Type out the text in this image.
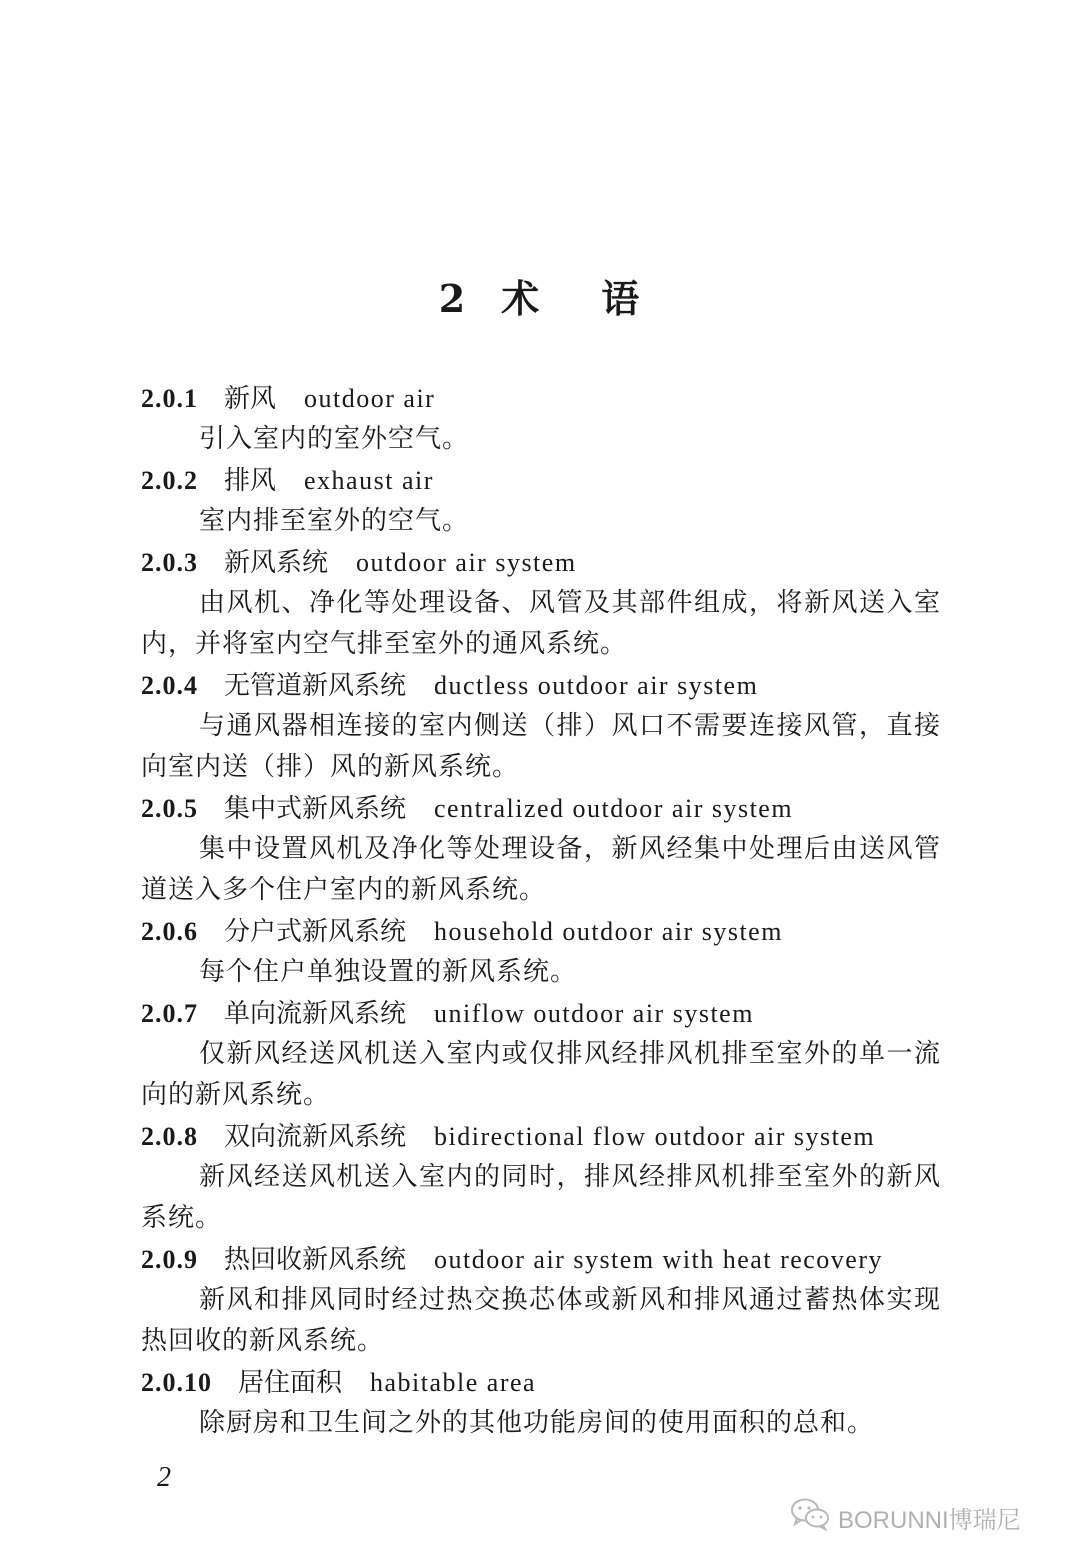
2 术 语
2.0.1 新风 outdoor air
引入室内的室外空气。
2.0.2 排风 exhaust air
室内排至室外的空气。
2.0.3 新风系统 outdoor air system
由风机、净化等处理设备、风管及其部件组成，将新风送入室内，并将室内空气排至室外的通风系统。
2.0.4 无管道新风系统 ductless outdoor air system
与通风器相连接的室内侧送（排）风口不需要连接风管，直接向室内送（排）风的新风系统。
2.0.5 集中式新风系统 centralized outdoor air system
集中设置风机及净化等处理设备，新风经集中处理后由送风管道送入多个住户室内的新风系统。
2.0.6 分户式新风系统 household outdoor air system
每个住户单独设置的新风系统。
2.0.7 单向流新风系统 uniflow outdoor air system
仅新风经送风机送入室内或仅排风经排风机排至室外的单一流向的新风系统。
2.0.8 双向流新风系统 bidirectional flow outdoor air system
新风经送风机送入室内的同时，排风经排风机排至室外的新风系统。
2.0.9 热回收新风系统 outdoor air system with heat recovery
新风和排风同时经过热交换芯体或新风和排风通过蓄热体实现热回收的新风系统。
2.0.10 居住面积 habitable area
除厨房和卫生间之外的其他功能房间的使用面积的总和。
2
BORUNNI博瑞尼
